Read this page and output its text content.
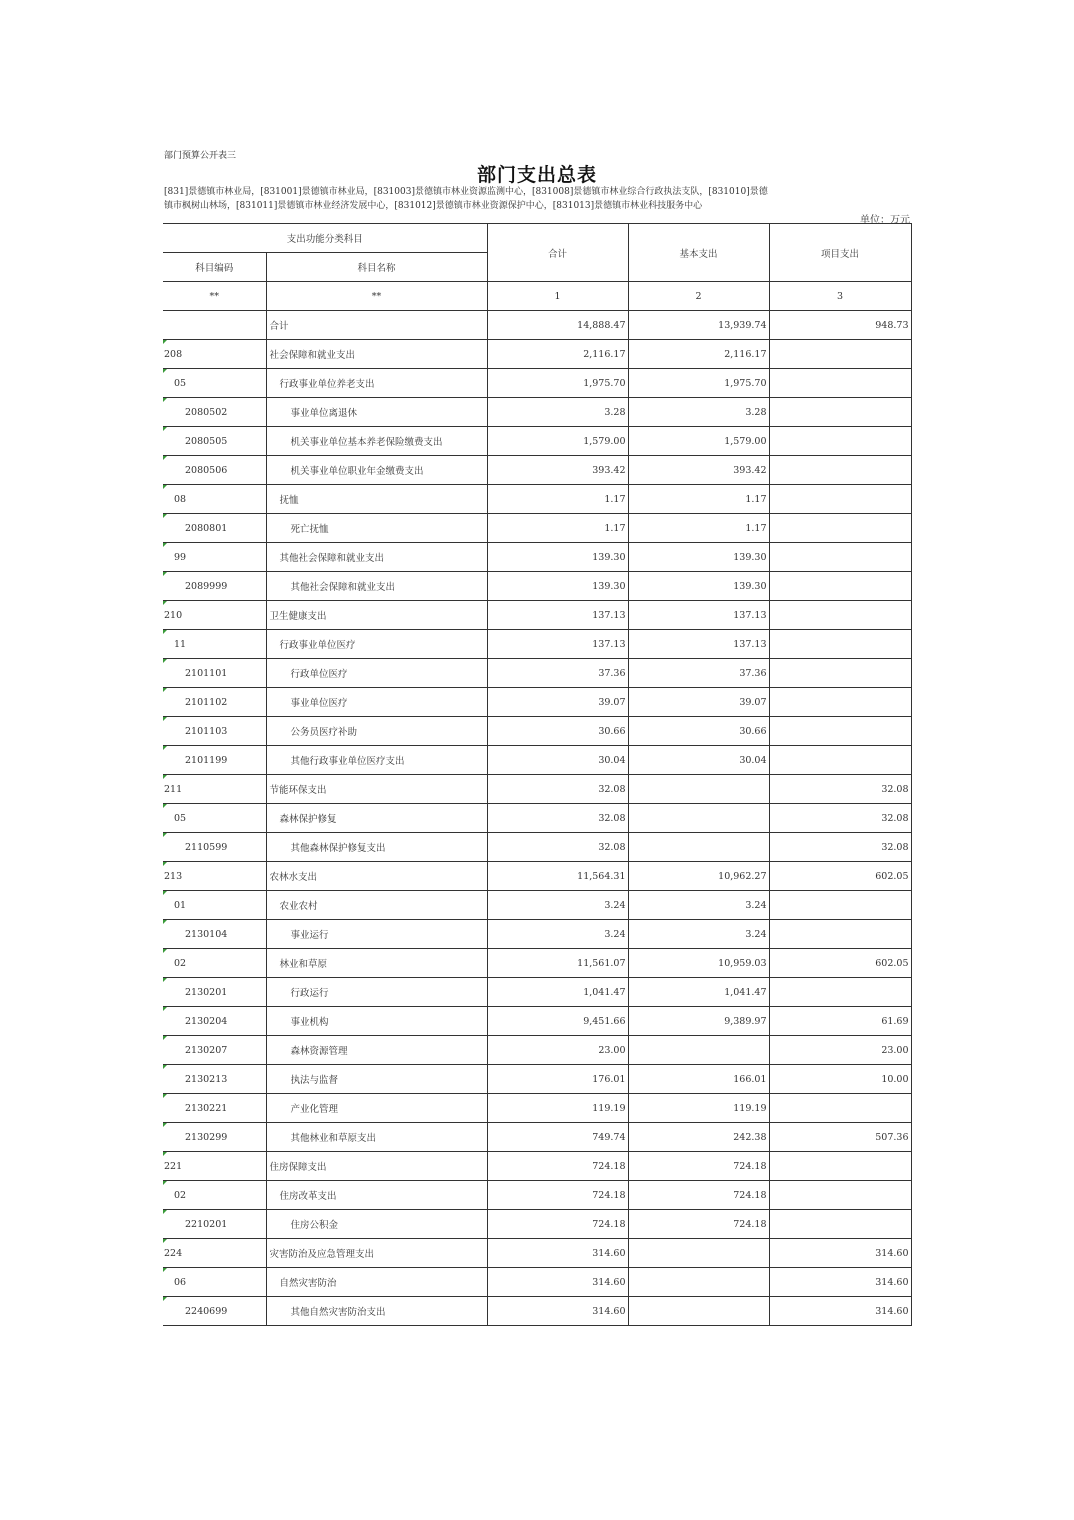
部门预算公开表三
部门支出总表
[831]景德镇市林业局，[831001]景德镇市林业局，[831003]景德镇市林业资源监测中心，[831008]景德镇市林业综合行政执法支队，[831010]景德镇市枫树山林场，[831011]景德镇市林业经济发展中心，[831012]景德镇市林业资源保护中心，[831013]景德镇市林业科技服务中心
单位：万元
支出功能分类科目		合计	基本支出	项目支出
科目编码	科目名称			
**	**	1	2	3
	合计	14,888.47	13,939.74	948.73

208	社会保障和就业支出	2,116.17	2,116.17	

05	行政事业单位养老支出	1,975.70	1,975.70	

2080502	事业单位离退休	3.28	3.28	

2080505	机关事业单位基本养老保险缴费支出	1,579.00	1,579.00	

2080506	机关事业单位职业年金缴费支出	393.42	393.42	

08	抚恤	1.17	1.17	

2080801	死亡抚恤	1.17	1.17	

99	其他社会保障和就业支出	139.30	139.30	

2089999	其他社会保障和就业支出	139.30	139.30	

210	卫生健康支出	137.13	137.13	

11	行政事业单位医疗	137.13	137.13	

2101101	行政单位医疗	37.36	37.36	

2101102	事业单位医疗	39.07	39.07	

2101103	公务员医疗补助	30.66	30.66	

2101199	其他行政事业单位医疗支出	30.04	30.04	

211	节能环保支出	32.08		32.08

05	森林保护修复	32.08		32.08

2110599	其他森林保护修复支出	32.08		32.08

213	农林水支出	11,564.31	10,962.27	602.05

01	农业农村	3.24	3.24	

2130104	事业运行	3.24	3.24	

02	林业和草原	11,561.07	10,959.03	602.05

2130201	行政运行	1,041.47	1,041.47	

2130204	事业机构	9,451.66	9,389.97	61.69

2130207	森林资源管理	23.00		23.00

2130213	执法与监督	176.01	166.01	10.00

2130221	产业化管理	119.19	119.19	

2130299	其他林业和草原支出	749.74	242.38	507.36

221	住房保障支出	724.18	724.18	

02	住房改革支出	724.18	724.18	

2210201	住房公积金	724.18	724.18	

224	灾害防治及应急管理支出	314.60		314.60

06	自然灾害防治	314.60		314.60

2240699	其他自然灾害防治支出	314.60		314.60
